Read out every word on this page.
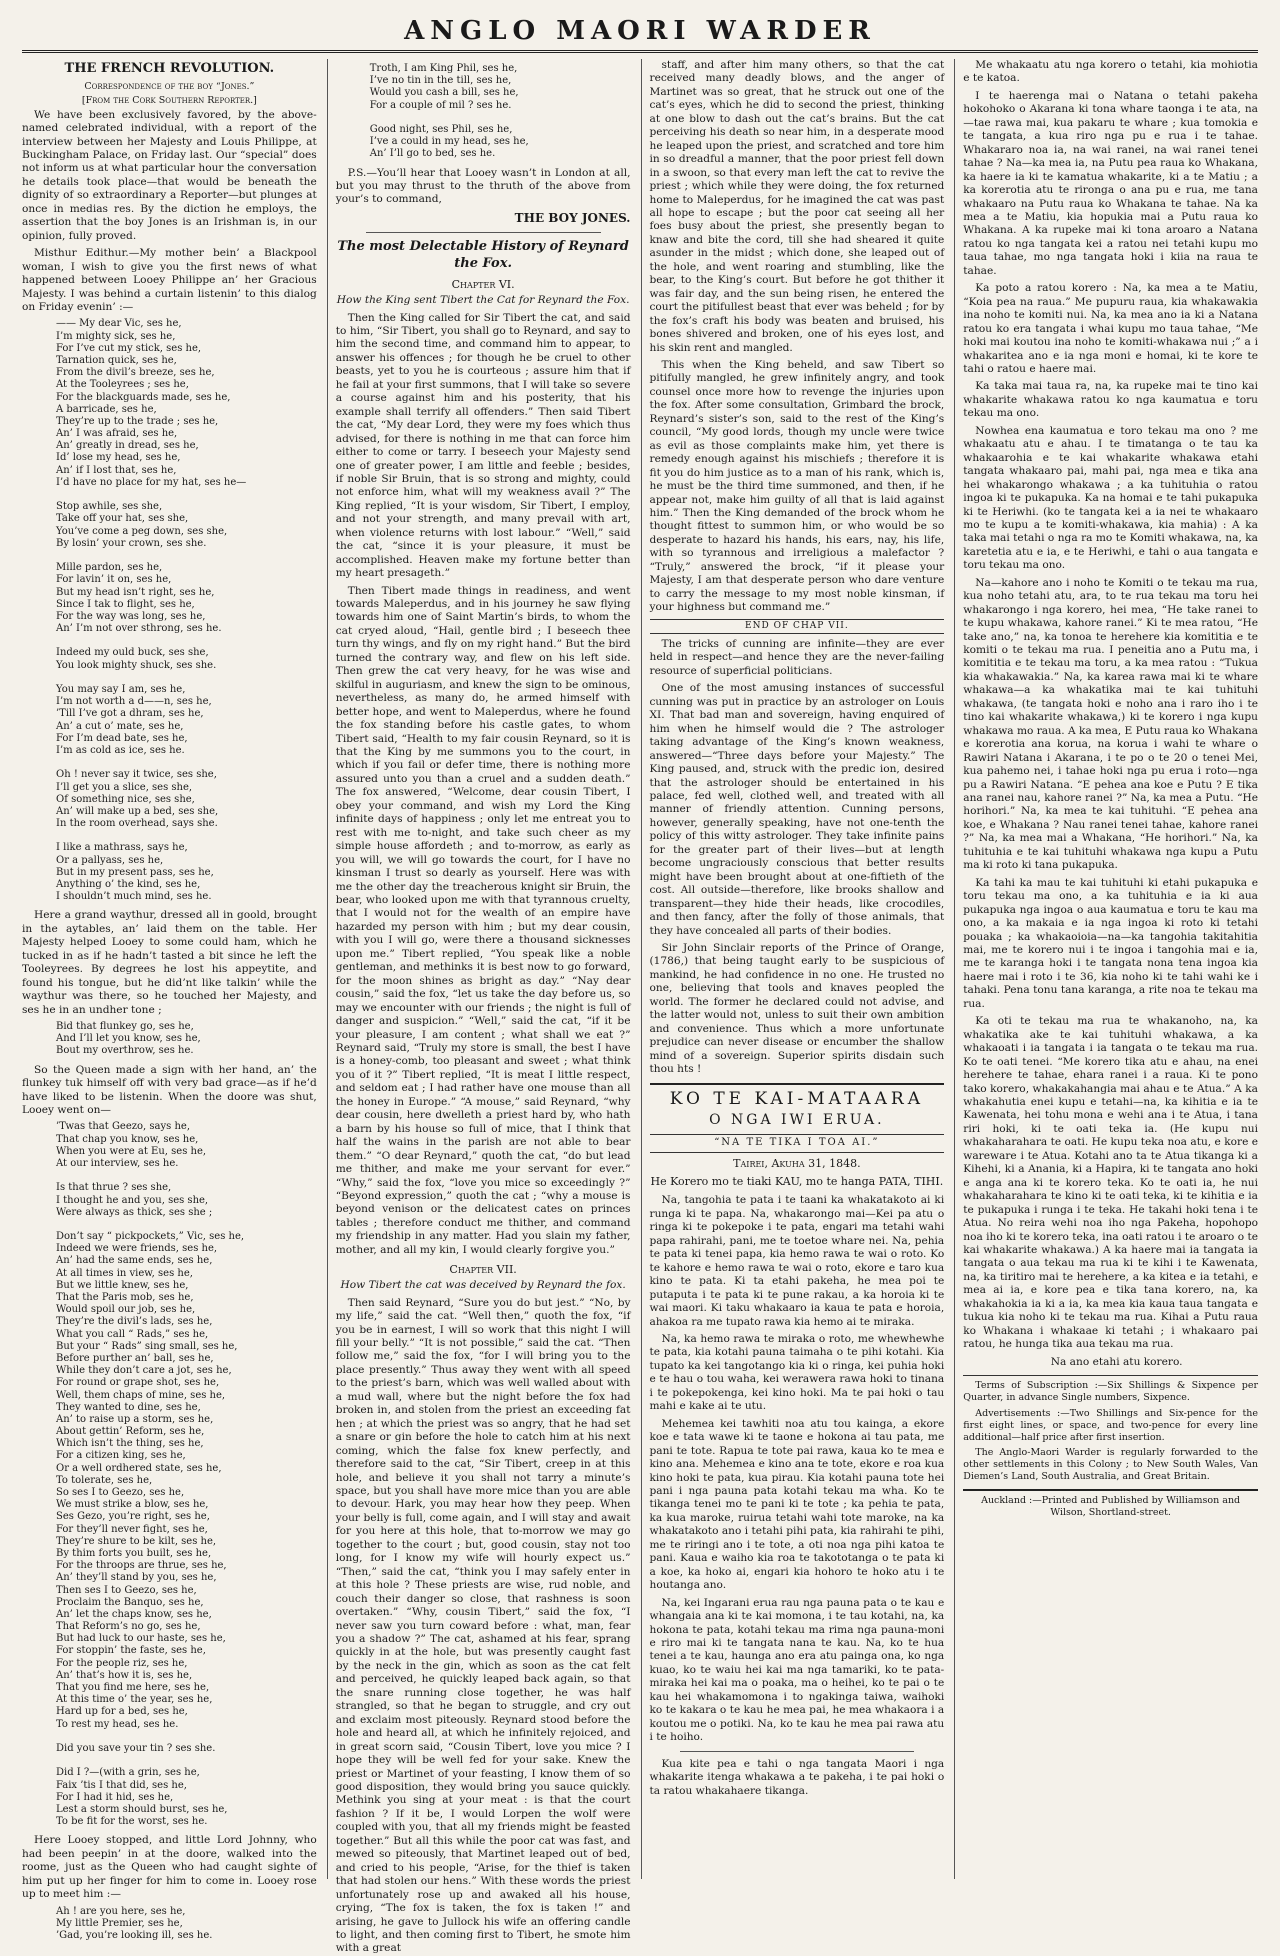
ANGLO MAORI WARDER
THE FRENCH REVOLUTION.
Correspondence of the boy “Jones.”
[From the Cork Southern Reporter.]

We have been exclusively favored, by the above-named celebrated individual, with a report of the interview between her Majesty and Louis Philippe, at Buckingham Palace, on Friday last. Our “special” does not inform us at what particular hour the conversation he details took place—that would be beneath the dignity of so extraordinary a Reporter—but plunges at once in medias res. By the diction he employs, the assertion that the boy Jones is an Irishman is, in our opinion, fully proved.

Misthur Edithur.—My mother bein’ a Blackpool woman, I wish to give you the first news of what happened between Looey Philippe an’ her Gracious Majesty. I was behind a curtain listenin’ to this dialog on Friday evenin’ :—

—— My dear Vic, ses he,
I’m mighty sick, ses he,
For I’ve cut my stick, ses he,
Tarnation quick, ses he,
From the divil’s breeze, ses he,
At the Tooleyrees ; ses he,
For the blackguards made, ses he,
A barricade, ses he,
They’re up to the trade ; ses he,
An’ I was afraid, ses he,
An’ greatly in dread, ses he,
Id’ lose my head, ses he,
An’ if I lost that, ses he,
I’d have no place for my hat, ses he—

Stop awhile, ses she,
Take off your hat, ses she,
You’ve come a peg down, ses she,
By losin’ your crown, ses she.

Mille pardon, ses he,
For lavin’ it on, ses he,
But my head isn’t right, ses he,
Since I tak to flight, ses he,
For the way was long, ses he,
An’ I’m not over sthrong, ses he.

Indeed my ould buck, ses she,
You look mighty shuck, ses she.

You may say I am, ses he,
I’m not worth a d——n, ses he,
’Till I’ve got a dhram, ses he,
An’ a cut o’ mate, ses he,
For I’m dead bate, ses he,
I’m as cold as ice, ses he.

Oh ! never say it twice, ses she,
I’ll get you a slice, ses she,
Of something nice, ses she,
An’ will make up a bed, ses she,
In the room overhead, says she.

I like a mathrass, says he,
Or a pallyass, ses he,
But in my present pass, ses he,
Anything o’ the kind, ses he,
I shouldn’t much mind, ses he.

Here a grand waythur, dressed all in goold, brought in the aytables, an’ laid them on the table. Her Majesty helped Looey to some could ham, which he tucked in as if he hadn’t tasted a bit since he left the Tooleyrees. By degrees he lost his appeytite, and found his tongue, but he did’nt like talkin’ while the waythur was there, so he touched her Majesty, and ses he in an undher tone ;

Bid that flunkey go, ses he,
And I’ll let you know, ses he,
Bout my overthrow, ses he.

So the Queen made a sign with her hand, an’ the flunkey tuk himself off with very bad grace—as if he’d have liked to be listenin. When the doore was shut, Looey went on—

’Twas that Geezo, says he,
That chap you know, ses he,
When you were at Eu, ses he,
At our interview, ses he.

Is that thrue ? ses she,
I thought he and you, ses she,
Were always as thick, ses she ;

Don’t say “ pickpockets,” Vic, ses he,
Indeed we were friends, ses he,
An’ had the same ends, ses he,
At all times in view, ses he,
But we little knew, ses he,
That the Paris mob, ses he,
Would spoil our job, ses he,
They’re the divil’s lads, ses he,
What you call “ Rads,” ses he,
But your “ Rads” sing small, ses he,
Before purther an’ ball, ses he,
While they don’t care a jot, ses he,
For round or grape shot, ses he,
Well, them chaps of mine, ses he,
They wanted to dine, ses he,
An’ to raise up a storm, ses he,
About gettin’ Reform, ses he,
Which isn’t the thing, ses he,
For a citizen king, ses he,
Or a well ordhered state, ses he,
To tolerate, ses he,
So ses I to Geezo, ses he,
We must strike a blow, ses he,
Ses Gezo, you’re right, ses he,
For they’ll never fight, ses he,
They’re shure to be kilt, ses he,
By thim forts you built, ses he,
For the throops are thrue, ses he,
An’ they’ll stand by you, ses he,
Then ses I to Geezo, ses he,
Proclaim the Banquo, ses he,
An’ let the chaps know, ses he,
That Reform’s no go, ses he,
But had luck to our haste, ses he,
For stoppin’ the faste, ses he,
For the people riz, ses he,
An’ that’s how it is, ses he,
That you find me here, ses he,
At this time o’ the year, ses he,
Hard up for a bed, ses he,
To rest my head, ses he.

Did you save your tin ? ses she.

Did I ?—(with a grin, ses he,
Faix ’tis I that did, ses he,
For I had it hid, ses he,
Lest a storm should burst, ses he,
To be fit for the worst, ses he.

Here Looey stopped, and little Lord Johnny, who had been peepin’ in at the doore, walked into the roome, just as the Queen who had caught sighte of him put up her finger for him to come in. Looey rose up to meet him :—

Ah ! are you here, ses he,
My little Premier, ses he,
’Gad, you’re looking ill, ses he.
Troth, I am King Phil, ses he,
I’ve no tin in the till, ses he,
Would you cash a bill, ses he,
For a couple of mil ? ses he.

Good night, ses Phil, ses he,
I’ve a could in my head, ses he,
An’ I’ll go to bed, ses he.

P.S.—You’ll hear that Looey wasn’t in London at all, but you may thrust to the thruth of the above from your’s to command,

THE BOY JONES.
The most Delectable History of Reynard the Fox.
Chapter VI.
How the King sent Tibert the Cat for Reynard the Fox.

Then the King called for Sir Tibert the cat, and said to him, “Sir Tibert, you shall go to Reynard, and say to him the second time, and command him to appear, to answer his offences ; for though he be cruel to other beasts, yet to you he is courteous ; assure him that if he fail at your first summons, that I will take so severe a course against him and his posterity, that his example shall terrify all offenders.” Then said Tibert the cat, “My dear Lord, they were my foes which thus advised, for there is nothing in me that can force him either to come or tarry. I beseech your Majesty send one of greater power, I am little and feeble ; besides, if noble Sir Bruin, that is so strong and mighty, could not enforce him, what will my weakness avail ?” The King replied, “It is your wisdom, Sir Tibert, I employ, and not your strength, and many prevail with art, when violence returns with lost labour.” “Well,” said the cat, “since it is your pleasure, it must be accomplished. Heaven make my fortune better than my heart presageth.”

Then Tibert made things in readiness, and went towards Maleperdus, and in his journey he saw flying towards him one of Saint Martin’s birds, to whom the cat cryed aloud, “Hail, gentle bird ; I beseech thee turn thy wings, and fly on my right hand.” But the bird turned the contrary way, and flew on his left side. Then grew the cat very heavy, for he was wise and skilful in auguriasm, and knew the sign to be ominous, nevertheless, as many do, he armed himself with better hope, and went to Maleperdus, where he found the fox standing before his castle gates, to whom Tibert said, “Health to my fair cousin Reynard, so it is that the King by me summons you to the court, in which if you fail or defer time, there is nothing more assured unto you than a cruel and a sudden death.” The fox answered, “Welcome, dear cousin Tibert, I obey your command, and wish my Lord the King infinite days of happiness ; only let me entreat you to rest with me to-night, and take such cheer as my simple house affordeth ; and to-morrow, as early as you will, we will go towards the court, for I have no kinsman I trust so dearly as yourself. Here was with me the other day the treacherous knight sir Bruin, the bear, who looked upon me with that tyrannous cruelty, that I would not for the wealth of an empire have hazarded my person with him ; but my dear cousin, with you I will go, were there a thousand sicknesses upon me.” Tibert replied, “You speak like a noble gentleman, and methinks it is best now to go forward, for the moon shines as bright as day.” “Nay dear cousin,” said the fox, “let us take the day before us, so may we encounter with our friends ; the night is full of danger and suspicion.” “Well,” said the cat, “if it be your pleasure, I am content ; what shall we eat ?” Reynard said, “Truly my store is small, the best I have is a honey-comb, too pleasant and sweet ; what think you of it ?” Tibert replied, “It is meat I little respect, and seldom eat ; I had rather have one mouse than all the honey in Europe.” “A mouse,” said Reynard, “why dear cousin, here dwelleth a priest hard by, who hath a barn by his house so full of mice, that I think that half the wains in the parish are not able to bear them.” “O dear Reynard,” quoth the cat, “do but lead me thither, and make me your servant for ever.” “Why,” said the fox, “love you mice so exceedingly ?” “Beyond expression,” quoth the cat ; “why a mouse is beyond venison or the delicatest cates on princes tables ; therefore conduct me thither, and command my friendship in any matter. Had you slain my father, mother, and all my kin, I would clearly forgive you.”

Chapter VII.
How Tibert the cat was deceived by Reynard the fox.

Then said Reynard, “Sure you do but jest.” “No, by my life,” said the cat. “Well then,” quoth the fox, “if you be in earnest, I will so work that this night I will fill your belly.” “It is not possible,” said the cat. “Then follow me,” said the fox, “for I will bring you to the place presently.” Thus away they went with all speed to the priest’s barn, which was well walled about with a mud wall, where but the night before the fox had broken in, and stolen from the priest an exceeding fat hen ; at which the priest was so angry, that he had set a snare or gin before the hole to catch him at his next coming, which the false fox knew perfectly, and therefore said to the cat, “Sir Tibert, creep in at this hole, and believe it you shall not tarry a minute’s space, but you shall have more mice than you are able to devour. Hark, you may hear how they peep. When your belly is full, come again, and I will stay and await for you here at this hole, that to-morrow we may go together to the court ; but, good cousin, stay not too long, for I know my wife will hourly expect us.” “Then,” said the cat, “think you I may safely enter in at this hole ? These priests are wise, rud noble, and couch their danger so close, that rashness is soon overtaken.” “Why, cousin Tibert,” said the fox, “I never saw you turn coward before : what, man, fear you a shadow ?” The cat, ashamed at his fear, sprang quickly in at the hole, but was presently caught fast by the neck in the gin, which as soon as the cat felt and perceived, he quickly leaped back again, so that the snare running close together, he was half strangled, so that he began to struggle, and cry out and exclaim most piteously. Reynard stood before the hole and heard all, at which he infinitely rejoiced, and in great scorn said, “Cousin Tibert, love you mice ? I hope they will be well fed for your sake. Knew the priest or Martinet of your feasting, I know them of so good disposition, they would bring you sauce quickly. Methink you sing at your meat : is that the court fashion ? If it be, I would Lorpen the wolf were coupled with you, that all my friends might be feasted together.” But all this while the poor cat was fast, and mewed so piteously, that Martinet leaped out of bed, and cried to his people, “Arise, for the thief is taken that had stolen our hens.” With these words the priest unfortunately rose up and awaked all his house, crying, “The fox is taken, the fox is taken !” and arising, he gave to Jullock his wife an offering candle to light, and then coming first to Tibert, he smote him with a great

staff, and after him many others, so that the cat received many deadly blows, and the anger of Martinet was so great, that he struck out one of the cat’s eyes, which he did to second the priest, thinking at one blow to dash out the cat’s brains. But the cat perceiving his death so near him, in a desperate mood he leaped upon the priest, and scratched and tore him in so dreadful a manner, that the poor priest fell down in a swoon, so that every man left the cat to revive the priest ; which while they were doing, the fox returned home to Maleperdus, for he imagined the cat was past all hope to escape ; but the poor cat seeing all her foes busy about the priest, she presently began to knaw and bite the cord, till she had sheared it quite asunder in the midst ; which done, she leaped out of the hole, and went roaring and stumbling, like the bear, to the King’s court. But before he got thither it was fair day, and the sun being risen, he entered the court the pitifullest beast that ever was beheld ; for by the fox’s craft his body was beaten and bruised, his bones shivered and broken, one of his eyes lost, and his skin rent and mangled.

This when the King beheld, and saw Tibert so pitifully mangled, he grew infinitely angry, and took counsel once more how to revenge the injuries upon the fox. After some consultation, Grimbard the brock, Reynard’s sister’s son, said to the rest of the King’s council, “My good lords, though my uncle were twice as evil as those complaints make him, yet there is remedy enough against his mischiefs ; therefore it is fit you do him justice as to a man of his rank, which is, he must be the third time summoned, and then, if he appear not, make him guilty of all that is laid against him.” Then the King demanded of the brock whom he thought fittest to summon him, or who would be so desperate to hazard his hands, his ears, nay, his life, with so tyrannous and irreligious a malefactor ? “Truly,” answered the brock, “if it please your Majesty, I am that desperate person who dare venture to carry the message to my most noble kinsman, if your highness but command me.”

END OF CHAP VII.

The tricks of cunning are infinite—they are ever held in respect—and hence they are the never-failing resource of superficial politicians.

One of the most amusing instances of successful cunning was put in practice by an astrologer on Louis XI. That bad man and sovereign, having enquired of him when he himself would die ? The astrologer taking advantage of the King’s known weakness, answered—“Three days before your Majesty.” The King paused, and, struck with the predic ion, desired that the astrologer should be entertained in his palace, fed well, clothed well, and treated with all manner of friendly attention. Cunning persons, however, generally speaking, have not one-tenth the policy of this witty astrologer. They take infinite pains for the greater part of their lives—but at length become ungraciously conscious that better results might have been brought about at one-fiftieth of the cost. All outside—therefore, like brooks shallow and transparent—they hide their heads, like crocodiles, and then fancy, after the folly of those animals, that they have concealed all parts of their bodies.

Sir John Sinclair reports of the Prince of Orange, (1786,) that being taught early to be suspicious of mankind, he had confidence in no one. He trusted no one, believing that tools and knaves peopled the world. The former he declared could not advise, and the latter would not, unless to suit their own ambition and convenience. Thus which a more unfortunate prejudice can never disease or encumber the shallow mind of a sovereign. Superior spirits disdain such thou hts !

KO TE KAI-MATAARA
O NGA IWI ERUA.
“NA TE TIKA I TOA AI.”
Tairei, Akuha 31, 1848.
He Korero mo te tiaki KAU, mo te hanga PATA, TIHI.

Na, tangohia te pata i te taani ka whakatakoto ai ki runga ki te papa. Na, whakarongo mai—Kei pa atu o ringa ki te pokepoke i te pata, engari ma tetahi wahi papa rahirahi, pani, me te toetoe whare nei. Na, pehia te pata ki tenei papa, kia hemo rawa te wai o roto. Ko te kahore e hemo rawa te wai o roto, ekore e taro kua kino te pata. Ki ta etahi pakeha, he mea poi te putaputa i te pata ki te pune rakau, a ka horoia ki te wai maori. Ki taku whakaaro ia kaua te pata e horoia, ahakoa ra me tupato rawa kia hemo ai te miraka.

Na, ka hemo rawa te miraka o roto, me whewhewhe te pata, kia kotahi pauna taimaha o te pihi kotahi. Kia tupato ka kei tangotango kia ki o ringa, kei puhia hoki e te hau o tou waha, kei werawera rawa hoki to tinana i te pokepokenga, kei kino hoki. Ma te pai hoki o tau mahi e kake ai te utu.

Mehemea kei tawhiti noa atu tou kainga, a ekore koe e tata wawe ki te taone e hokona ai tau pata, me pani te tote. Rapua te tote pai rawa, kaua ko te mea e kino ana. Mehemea e kino ana te tote, ekore e roa kua kino hoki te pata, kua pirau. Kia kotahi pauna tote hei pani i nga pauna pata kotahi tekau ma wha. Ko te tikanga tenei mo te pani ki te tote ; ka pehia te pata, ka kua maroke, ruirua tetahi wahi tote maroke, na ka whakatakoto ano i tetahi pihi pata, kia rahirahi te pihi, me te riringi ano i te tote, a oti noa nga pihi katoa te pani. Kaua e waiho kia roa te takototanga o te pata ki a koe, ka hoko ai, engari kia hohoro te hoko atu i te houtanga ano.

Na, kei Ingarani erua rau nga pauna pata o te kau e whangaia ana ki te kai momona, i te tau kotahi, na, ka hokona te pata, kotahi tekau ma rima nga pauna-moni e riro mai ki te tangata nana te kau. Na, ko te hua tenei a te kau, haunga ano era atu painga ona, ko nga kuao, ko te waiu hei kai ma nga tamariki, ko te pata-miraka hei kai ma o poaka, ma o heihei, ko te pai o te kau hei whakamomona i to ngakinga taiwa, waihoki ko te kakara o te kau he mea pai, he mea whakaora i a koutou me o potiki. Na, ko te kau he mea pai rawa atu i te hoiho.

Kua kite pea e tahi o nga tangata Maori i nga whakarite itenga whakawa a te pakeha, i te pai hoki o ta ratou whakahaere tikanga.

Me whakaatu atu nga korero o tetahi, kia mohiotia e te katoa.

I te haerenga mai o Natana o tetahi pakeha hokohoko o Akarana ki tona whare taonga i te ata, na—tae rawa mai, kua pakaru te whare ; kua tomokia e te tangata, a kua riro nga pu e rua i te tahae. Whakararo noa ia, na wai ranei, na wai ranei tenei tahae ? Na—ka mea ia, na Putu pea raua ko Whakana, ka haere ia ki te kamatua whakarite, ki a te Matiu ; a ka korerotia atu te rironga o ana pu e rua, me tana whakaaro na Putu raua ko Whakana te tahae. Na ka mea a te Matiu, kia hopukia mai a Putu raua ko Whakana. A ka rupeke mai ki tona aroaro a Natana ratou ko nga tangata kei a ratou nei tetahi kupu mo taua tahae, mo nga tangata hoki i kiia na raua te tahae.

Ka poto a ratou korero : Na, ka mea a te Matiu, “Koia pea na raua.” Me pupuru raua, kia whakawakia ina noho te komiti nui. Na, ka mea ano ia ki a Natana ratou ko era tangata i whai kupu mo taua tahae, “Me hoki mai koutou ina noho te komiti-whakawa nui ;” a i whakaritea ano e ia nga moni e homai, ki te kore te tahi o ratou e haere mai.

Ka taka mai taua ra, na, ka rupeke mai te tino kai whakarite whakawa ratou ko nga kaumatua e toru tekau ma ono.

Nowhea ena kaumatua e toro tekau ma ono ? me whakaatu atu e ahau. I te timatanga o te tau ka whakaarohia e te kai whakarite whakawa etahi tangata whakaaro pai, mahi pai, nga mea e tika ana hei whakarongo whakawa ; a ka tuhituhia o ratou ingoa ki te pukapuka. Ka na homai e te tahi pukapuka ki te Heriwhi. (ko te tangata kei a ia nei te whakaaro mo te kupu a te komiti-whakawa, kia mahia) : A ka taka mai tetahi o nga ra mo te Komiti whakawa, na, ka karetetia atu e ia, e te Heriwhi, e tahi o aua tangata e toru tekau ma ono.

Na—kahore ano i noho te Komiti o te tekau ma rua, kua noho tetahi atu, ara, to te rua tekau ma toru hei whakarongo i nga korero, hei mea, “He take ranei to te kupu whakawa, kahore ranei.” Ki te mea ratou, “He take ano,” na, ka tonoa te herehere kia komititia e te komiti o te tekau ma rua. I peneitia ano a Putu ma, i komititia e te tekau ma toru, a ka mea ratou : “Tukua kia whakawakia.” Na, ka karea rawa mai ki te whare whakawa—a ka whakatika mai te kai tuhituhi whakawa, (te tangata hoki e noho ana i raro iho i te tino kai whakarite whakawa,) ki te korero i nga kupu whakawa mo raua. A ka mea, E Putu raua ko Whakana e korerotia ana korua, na korua i wahi te whare o Rawiri Natana i Akarana, i te po o te 20 o tenei Mei, kua pahemo nei, i tahae hoki nga pu erua i roto—nga pu a Rawiri Natana. “E pehea ana koe e Putu ? E tika ana ranei nau, kahore ranei ?” Na, ka mea a Putu. “He horihori.” Na, ka mea te kai tuhituhi. “E pehea ana koe, e Whakana ? Nau ranei tenei tahae, kahore ranei ?” Na, ka mea mai a Whakana, “He horihori.” Na, ka tuhituhia e te kai tuhituhi whakawa nga kupu a Putu ma ki roto ki tana pukapuka.

Ka tahi ka mau te kai tuhituhi ki etahi pukapuka e toru tekau ma ono, a ka tuhituhia e ia ki aua pukapuka nga ingoa o aua kaumatua e toru te kau ma ono, a ka makaia e ia nga ingoa ki roto ki tetahi pouaka ; ka whakaoioia—na—ka tangohia takitahitia mai, me te korero nui i te ingoa i tangohia mai e ia, me te karanga hoki i te tangata nona tena ingoa kia haere mai i roto i te 36, kia noho ki te tahi wahi ke i tahaki. Pena tonu tana karanga, a rite noa te tekau ma rua.

Ka oti te tekau ma rua te whakanoho, na, ka whakatika ake te kai tuhituhi whakawa, a ka whakaoati i ia tangata i ia tangata o te tekau ma rua. Ko te oati tenei. “Me korero tika atu e ahau, na enei herehere te tahae, ehara ranei i a raua. Ki te pono tako korero, whakakahangia mai ahau e te Atua.” A ka whakahutia enei kupu e tetahi—na, ka kihitia e ia te Kawenata, hei tohu mona e wehi ana i te Atua, i tana riri hoki, ki te oati teka ia. (He kupu nui whakaharahara te oati. He kupu teka noa atu, e kore e wareware i te Atua. Kotahi ano ta te Atua tikanga ki a Kihehi, ki a Anania, ki a Hapira, ki te tangata ano hoki e anga ana ki te korero teka. Ko te oati ia, he nui whakaharahara te kino ki te oati teka, ki te kihitia e ia te pukapuka i runga i te teka. He takahi hoki tena i te Atua. No reira wehi noa iho nga Pakeha, hopohopo noa iho ki te korero teka, ina oati ratou i te aroaro o te kai whakarite whakawa.) A ka haere mai ia tangata ia tangata o aua tekau ma rua ki te kihi i te Kawenata, na, ka tiritiro mai te herehere, a ka kitea e ia tetahi, e mea ai ia, e kore pea e tika tana korero, na, ka whakahokia ia ki a ia, ka mea kia kaua taua tangata e tukua kia noho ki te tekau ma rua. Kihai a Putu raua ko Whakana i whakaae ki tetahi ; i whakaaro pai ratou, he hunga tika aua tekau ma rua.

Na ano etahi atu korero.

Terms of Subscription :—Six Shillings & Sixpence per Quarter, in advance Single numbers, Sixpence.

Advertisements :—Two Shillings and Six-pence for the first eight lines, or space, and two-pence for every line additional—half price after first insertion.

The Anglo-Maori Warder is regularly forwarded to the other settlements in this Colony ; to New South Wales, Van Diemen’s Land, South Australia, and Great Britain.

Auckland :—Printed and Published by Williamson and Wilson, Shortland-street.
